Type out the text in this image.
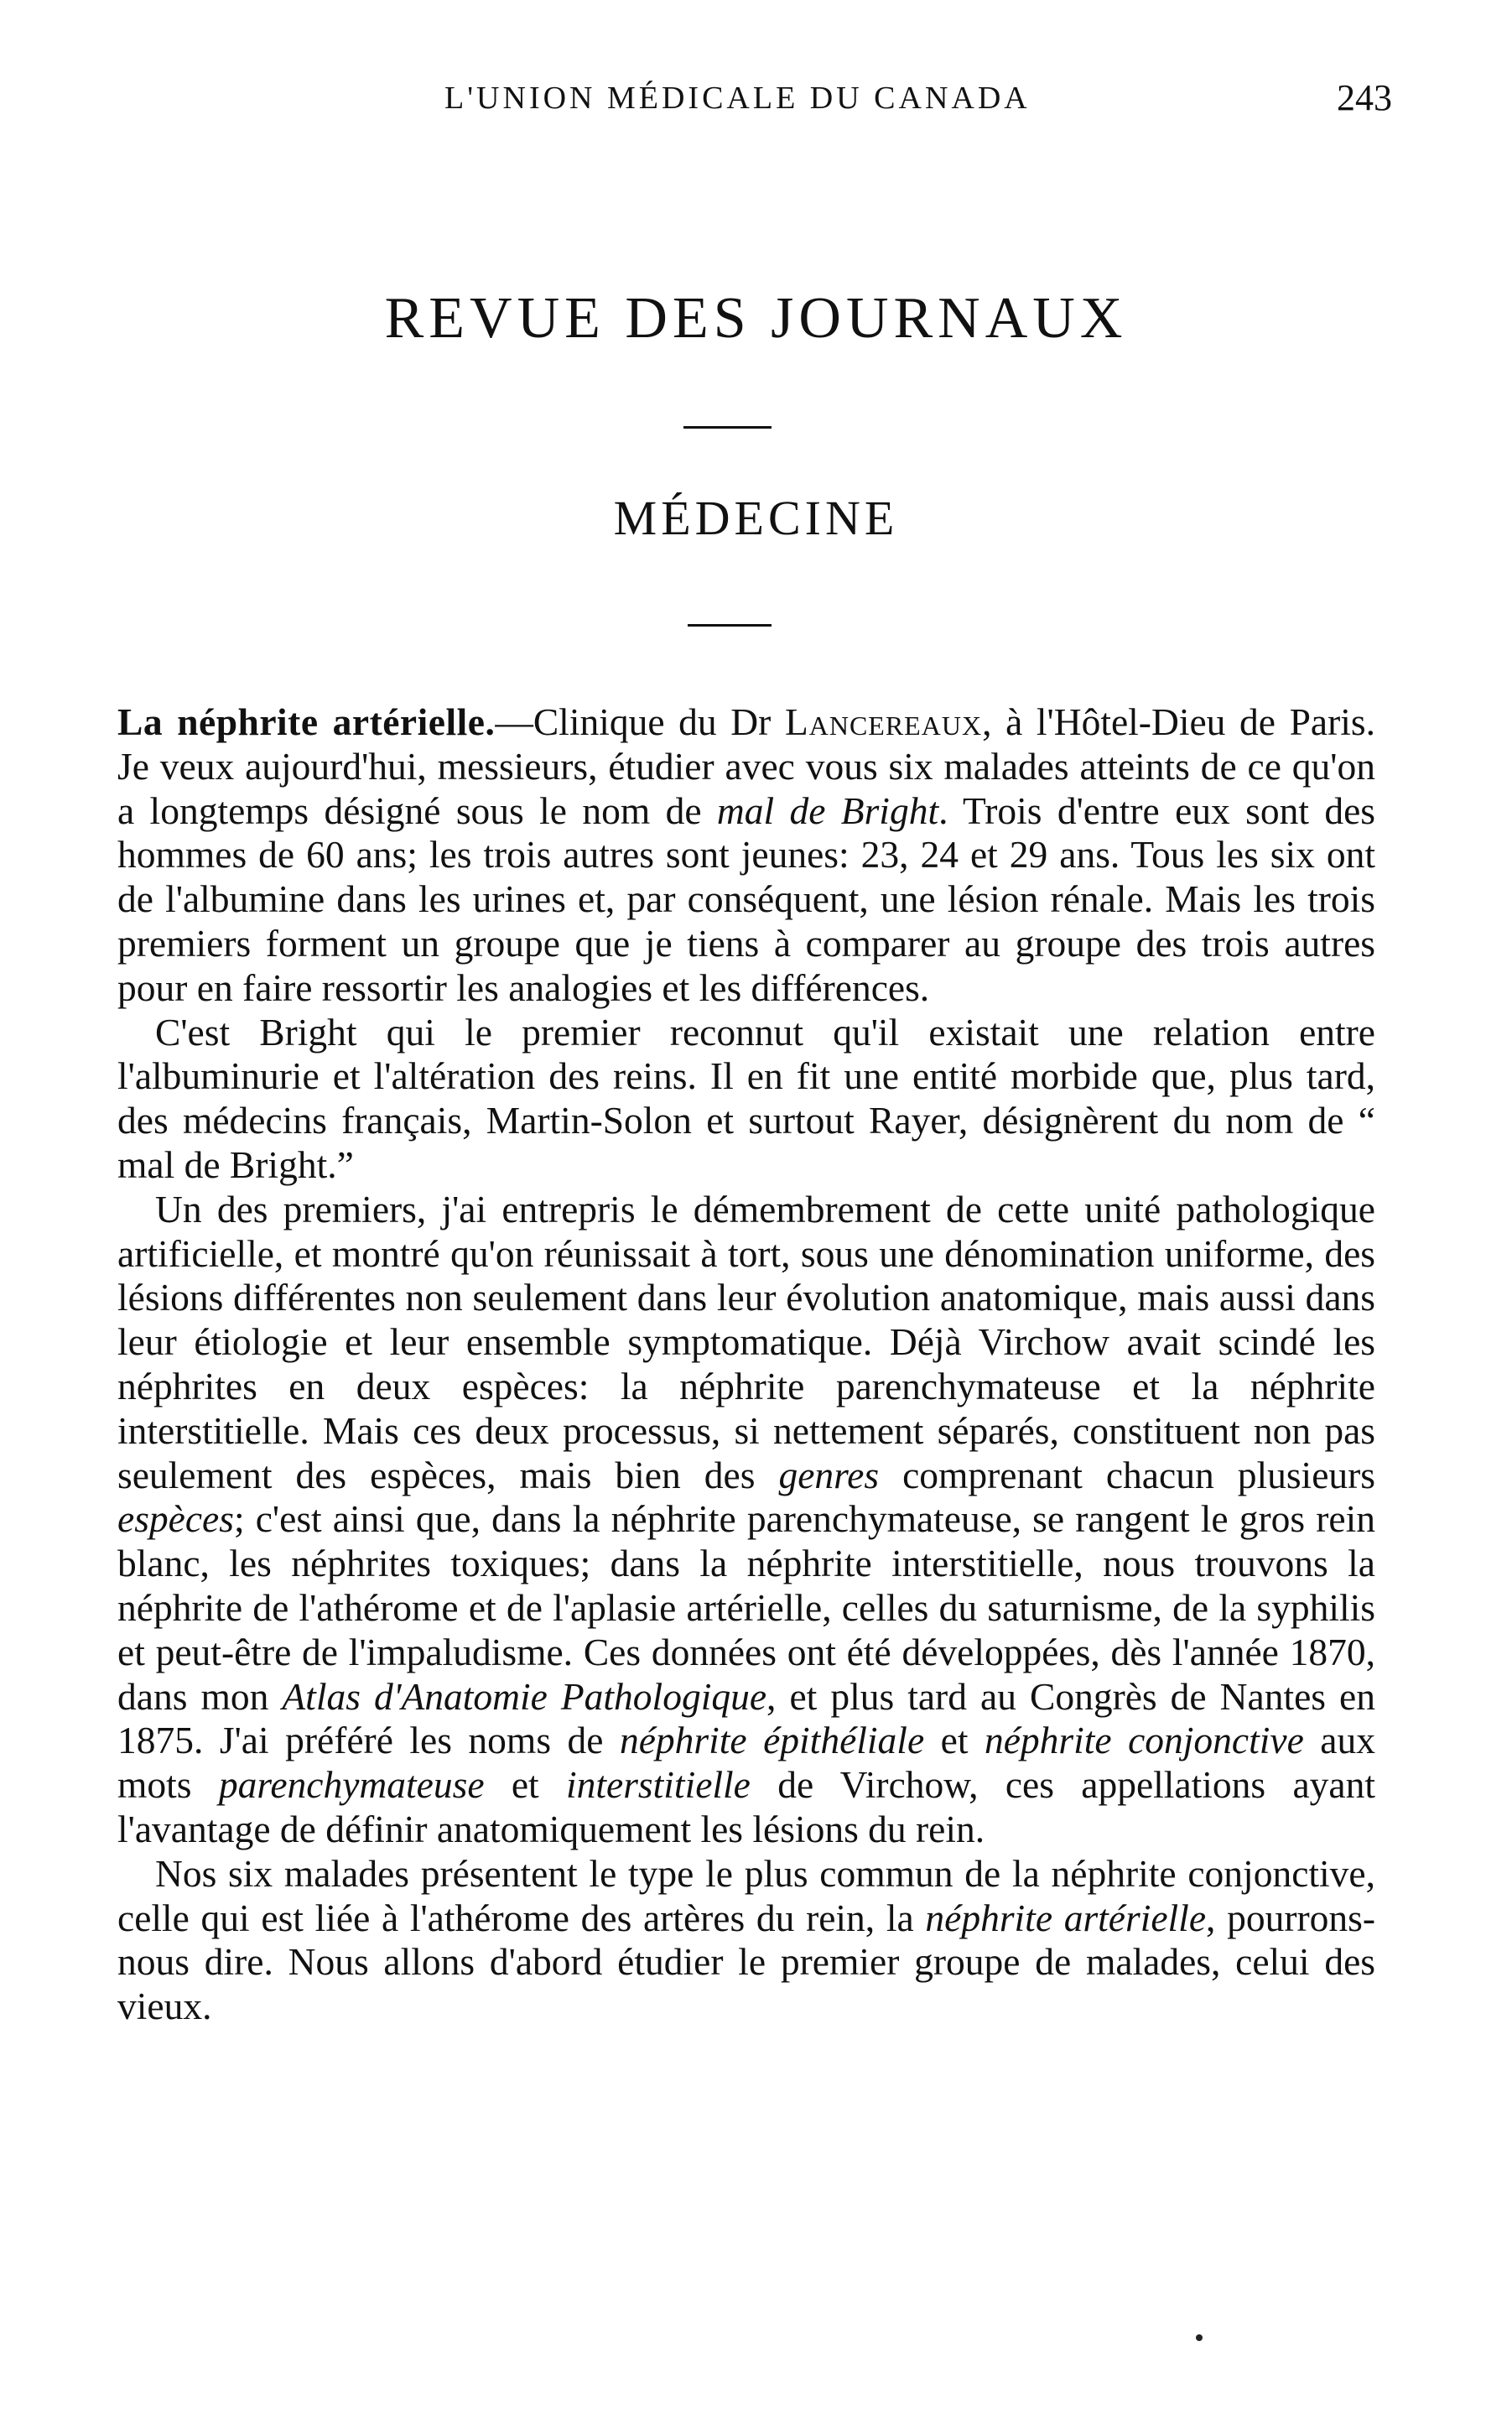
L'UNION MÉDICALE DU CANADA	243
REVUE DES JOURNAUX
MÉDECINE

La néphrite artérielle.—Clinique du Dr Lancereaux, à l'Hôtel-Dieu de Paris. Je veux aujourd'hui, messieurs, étudier avec vous six malades atteints de ce qu'on a longtemps désigné sous le nom de mal de Bright. Trois d'entre eux sont des hommes de 60 ans; les trois autres sont jeunes: 23, 24 et 29 ans. Tous les six ont de l'albumine dans les urines et, par conséquent, une lésion rénale. Mais les trois premiers forment un groupe que je tiens à comparer au groupe des trois autres pour en faire ressortir les analogies et les différences.

C'est Bright qui le premier reconnut qu'il existait une relation entre l'albuminurie et l'altération des reins. Il en fit une entité morbide que, plus tard, des médecins français, Martin-Solon et surtout Rayer, désignèrent du nom de “ mal de Bright.”

Un des premiers, j'ai entrepris le démembrement de cette unité pathologique artificielle, et montré qu'on réunissait à tort, sous une dénomination uniforme, des lésions différentes non seulement dans leur évolution anatomique, mais aussi dans leur étiologie et leur ensemble symptomatique. Déjà Virchow avait scindé les néphrites en deux espèces: la néphrite parenchymateuse et la néphrite interstitielle. Mais ces deux processus, si nettement séparés, constituent non pas seulement des espèces, mais bien des genres comprenant chacun plusieurs espèces; c'est ainsi que, dans la néphrite parenchymateuse, se rangent le gros rein blanc, les néphrites toxiques; dans la néphrite interstitielle, nous trouvons la néphrite de l'athérome et de l'aplasie artérielle, celles du saturnisme, de la syphilis et peut-être de l'impaludisme. Ces données ont été développées, dès l'année 1870, dans mon Atlas d'Anatomie Pathologique, et plus tard au Congrès de Nantes en 1875. J'ai préféré les noms de néphrite épithéliale et néphrite conjonctive aux mots parenchymateuse et interstitielle de Virchow, ces appellations ayant l'avantage de définir anatomiquement les lésions du rein.

Nos six malades présentent le type le plus commun de la néphrite conjonctive, celle qui est liée à l'athérome des artères du rein, la néphrite artérielle, pourrons-nous dire. Nous allons d'abord étudier le premier groupe de malades, celui des vieux.
